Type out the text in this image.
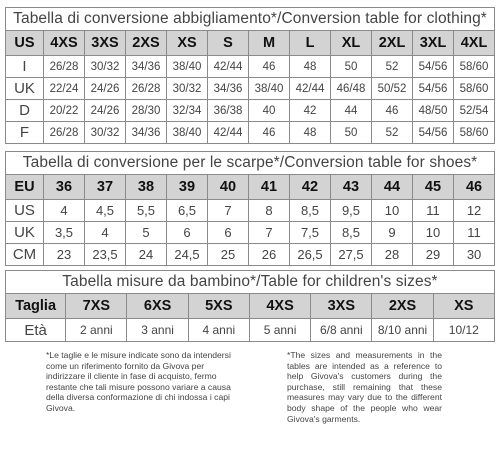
Tabella di conversione abbigliamento*/Conversion table for clothing*											
US	4XS	3XS	2XS	XS	S	M	L	XL	2XL	3XL	4XL
I	26/28	30/32	34/36	38/40	42/44	46	48	50	52	54/56	58/60
UK	22/24	24/26	26/28	30/32	34/36	38/40	42/44	46/48	50/52	54/56	58/60
D	20/22	24/26	28/30	32/34	36/38	40	42	44	46	48/50	52/54
F	26/28	30/32	34/36	38/40	42/44	46	48	50	52	54/56	58/60
Tabella di conversione per le scarpe*/Conversion table for shoes*											
EU	36	37	38	39	40	41	42	43	44	45	46
US	4	4,5	5,5	6,5	7	8	8,5	9,5	10	11	12
UK	3,5	4	5	6	6	7	7,5	8,5	9	10	11
CM	23	23,5	24	24,5	25	26	26,5	27,5	28	29	30
Tabella misure da bambino*/Table for children's sizes*							
Taglia	7XS	6XS	5XS	4XS	3XS	2XS	XS
Età	2 anni	3 anni	4 anni	5 anni	6/8 anni	8/10 anni	10/12
*Le taglie e le misure indicate sono da intendersi come un riferimento fornito da Givova per indirizzare il cliente in fase di acquisto, fermo restante che tali misure possono variare a causa della diversa conformazione di chi indossa i capi Givova.
*The sizes and measurements in the tables are intended as a reference to help Givova's customers during the purchase, still remaining that these measures may vary due to the different body shape of the people who wear Givova's garments.
